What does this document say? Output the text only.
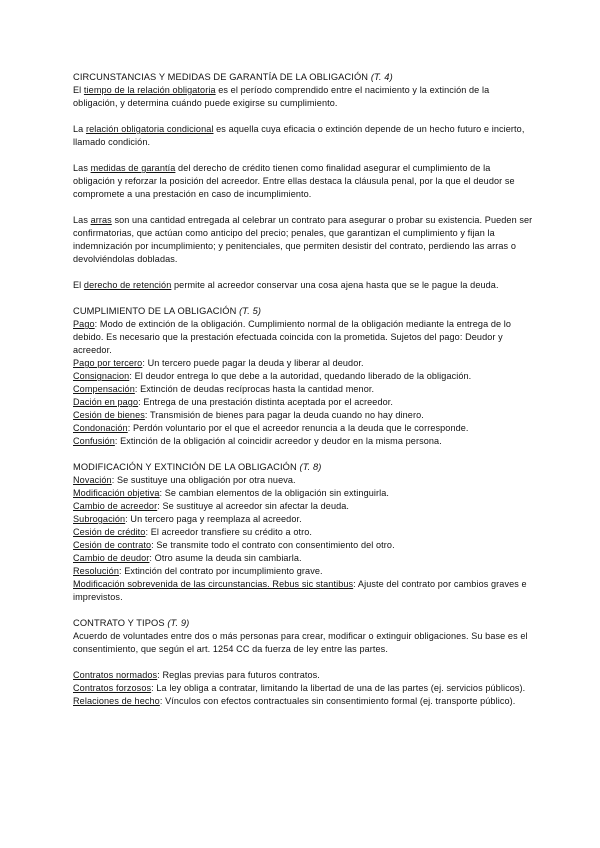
CIRCUNSTANCIAS Y MEDIDAS DE GARANTÍA DE LA OBLIGACIÓN (T. 4)

El tiempo de la relación obligatoria es el período comprendido entre el nacimiento y la extinción de la obligación, y determina cuándo puede exigirse su cumplimiento.

La relación obligatoria condicional es aquella cuya eficacia o extinción depende de un hecho futuro e incierto, llamado condición.

Las medidas de garantía del derecho de crédito tienen como finalidad asegurar el cumplimiento de la obligación y reforzar la posición del acreedor. Entre ellas destaca la cláusula penal, por la que el deudor se compromete a una prestación en caso de incumplimiento.

Las arras son una cantidad entregada al celebrar un contrato para asegurar o probar su existencia. Pueden ser confirmatorias, que actúan como anticipo del precio; penales, que garantizan el cumplimiento y fijan la indemnización por incumplimiento; y penitenciales, que permiten desistir del contrato, perdiendo las arras o devolviéndolas dobladas.

El derecho de retención permite al acreedor conservar una cosa ajena hasta que se le pague la deuda.

CUMPLIMIENTO DE LA OBLIGACIÓN (T. 5)

Pago: Modo de extinción de la obligación. Cumplimiento normal de la obligación mediante la entrega de lo debido. Es necesario que la prestación efectuada coincida con la prometida. Sujetos del pago: Deudor y acreedor.

Pago por tercero: Un tercero puede pagar la deuda y liberar al deudor.

Consignacion: El deudor entrega lo que debe a la autoridad, quedando liberado de la obligación.

Compensación: Extinción de deudas recíprocas hasta la cantidad menor.

Dación en pago: Entrega de una prestación distinta aceptada por el acreedor.

Cesión de bienes: Transmisión de bienes para pagar la deuda cuando no hay dinero.

Condonación: Perdón voluntario por el que el acreedor renuncia a la deuda que le corresponde.

Confusión: Extinción de la obligación al coincidir acreedor y deudor en la misma persona.

MODIFICACIÓN Y EXTINCIÓN DE LA OBLIGACIÓN (T. 8)

Novación: Se sustituye una obligación por otra nueva.

Modificación objetiva: Se cambian elementos de la obligación sin extinguirla.

Cambio de acreedor: Se sustituye al acreedor sin afectar la deuda.

Subrogación: Un tercero paga y reemplaza al acreedor.

Cesión de crédito: El acreedor transfiere su crédito a otro.

Cesión de contrato: Se transmite todo el contrato con consentimiento del otro.

Cambio de deudor: Otro asume la deuda sin cambiarla.

Resolución: Extinción del contrato por incumplimiento grave.

Modificación sobrevenida de las circunstancias. Rebus sic stantibus: Ajuste del contrato por cambios graves e imprevistos.

CONTRATO Y TIPOS (T. 9)

Acuerdo de voluntades entre dos o más personas para crear, modificar o extinguir obligaciones. Su base es el consentimiento, que según el art. 1254 CC da fuerza de ley entre las partes.

Contratos normados: Reglas previas para futuros contratos.

Contratos forzosos: La ley obliga a contratar, limitando la libertad de una de las partes (ej. servicios públicos).

Relaciones de hecho: Vínculos con efectos contractuales sin consentimiento formal (ej. transporte público).
